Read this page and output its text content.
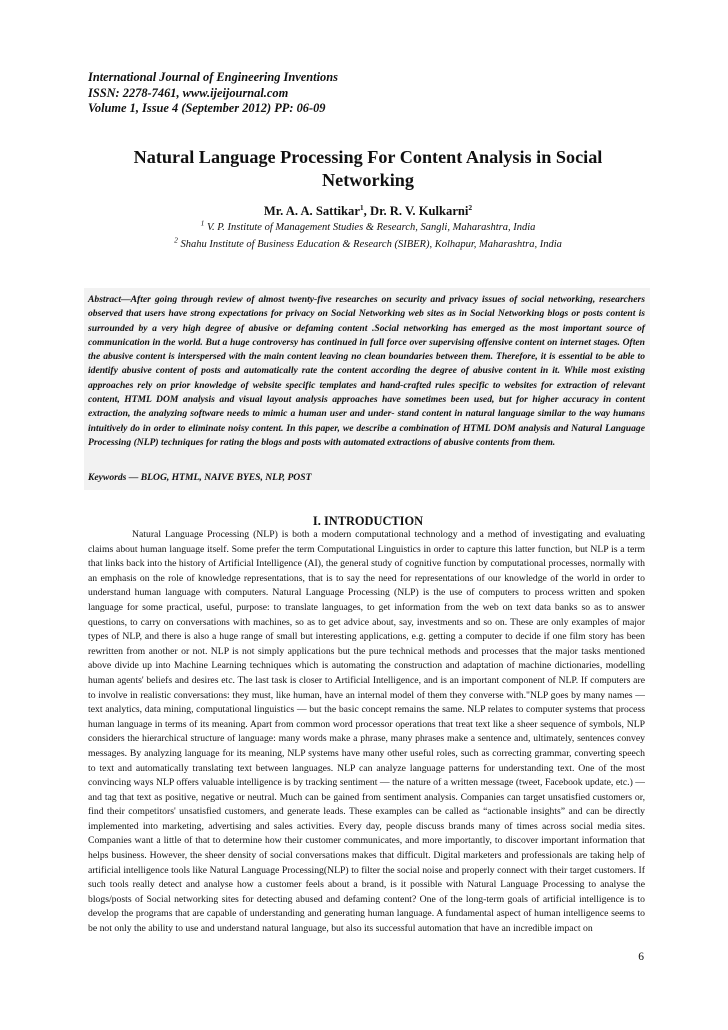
International Journal of Engineering Inventions
ISSN: 2278-7461, www.ijeijournal.com
Volume 1, Issue 4 (September 2012) PP: 06-09
Natural Language Processing For Content Analysis in Social
Networking
Mr. A. A. Sattikar$^1$, Dr. R. V. Kulkarni$^2$
$^1$ V. P. Institute of Management Studies & Research, Sangli, Maharashtra, India
$^2$ Shahu Institute of Business Education & Research (SIBER), Kolhapur, Maharashtra, India
Abstract—After going through review of almost twenty-five researches on security and privacy issues of social networking, researchers observed that users have strong expectations for privacy on Social Networking web sites as in Social Networking blogs or posts content is surrounded by a very high degree of abusive or defaming content .Social networking has emerged as the most important source of communication in the world. But a huge controversy has continued in full force over supervising offensive content on internet stages. Often the abusive content is interspersed with the main content leaving no clean boundaries between them. Therefore, it is essential to be able to identify abusive content of posts and automatically rate the content according the degree of abusive content in it. While most existing approaches rely on prior knowledge of website specific templates and hand-crafted rules specific to websites for extraction of relevant content, HTML DOM analysis and visual layout analysis approaches have sometimes been used, but for higher accuracy in content extraction, the analyzing software needs to mimic a human user and under- stand content in natural language similar to the way humans intuitively do in order to eliminate noisy content. In this paper, we describe a combination of HTML DOM analysis and Natural Language Processing (NLP) techniques for rating the blogs and posts with automated extractions of abusive contents from them.
Keywords — BLOG, HTML, NAIVE BYES, NLP, POST
I. INTRODUCTION
Natural Language Processing (NLP) is both a modern computational technology and a method of investigating and evaluating claims about human language itself. Some prefer the term Computational Linguistics in order to capture this latter function, but NLP is a term that links back into the history of Artificial Intelligence (AI), the general study of cognitive function by computational processes, normally with an emphasis on the role of knowledge representations, that is to say the need for representations of our knowledge of the world in order to understand human language with computers. Natural Language Processing (NLP) is the use of computers to process written and spoken language for some practical, useful, purpose: to translate languages, to get information from the web on text data banks so as to answer questions, to carry on conversations with machines, so as to get advice about, say, investments and so on. These are only examples of major types of NLP, and there is also a huge range of small but interesting applications, e.g. getting a computer to decide if one film story has been rewritten from another or not. NLP is not simply applications but the pure technical methods and processes that the major tasks mentioned above divide up into Machine Learning techniques which is automating the construction and adaptation of machine dictionaries, modelling human agents' beliefs and desires etc. The last task is closer to Artificial Intelligence, and is an important component of NLP. If computers are to involve in realistic conversations: they must, like human, have an internal model of them they converse with."NLP goes by many names — text analytics, data mining, computational linguistics — but the basic concept remains the same. NLP relates to computer systems that process human language in terms of its meaning. Apart from common word processor operations that treat text like a sheer sequence of symbols, NLP considers the hierarchical structure of language: many words make a phrase, many phrases make a sentence and, ultimately, sentences convey messages. By analyzing language for its meaning, NLP systems have many other useful roles, such as correcting grammar, converting speech to text and automatically translating text between languages. NLP can analyze language patterns for understanding text. One of the most convincing ways NLP offers valuable intelligence is by tracking sentiment — the nature of a written message (tweet, Facebook update, etc.) — and tag that text as positive, negative or neutral. Much can be gained from sentiment analysis. Companies can target unsatisfied customers or, find their competitors' unsatisfied customers, and generate leads. These examples can be called as “actionable insights” and can be directly implemented into marketing, advertising and sales activities. Every day, people discuss brands many of times across social media sites. Companies want a little of that to determine how their customer communicates, and more importantly, to discover important information that helps business. However, the sheer density of social conversations makes that difficult. Digital marketers and professionals are taking help of artificial intelligence tools like Natural Language Processing(NLP) to filter the social noise and properly connect with their target customers. If such tools really detect and analyse how a customer feels about a brand, is it possible with Natural Language Processing to analyse the blogs/posts of Social networking sites for detecting abused and defaming content? One of the long-term goals of artificial intelligence is to develop the programs that are capable of understanding and generating human language. A fundamental aspect of human intelligence seems to be not only the ability to use and understand natural language, but also its successful automation that have an incredible impact on
6
